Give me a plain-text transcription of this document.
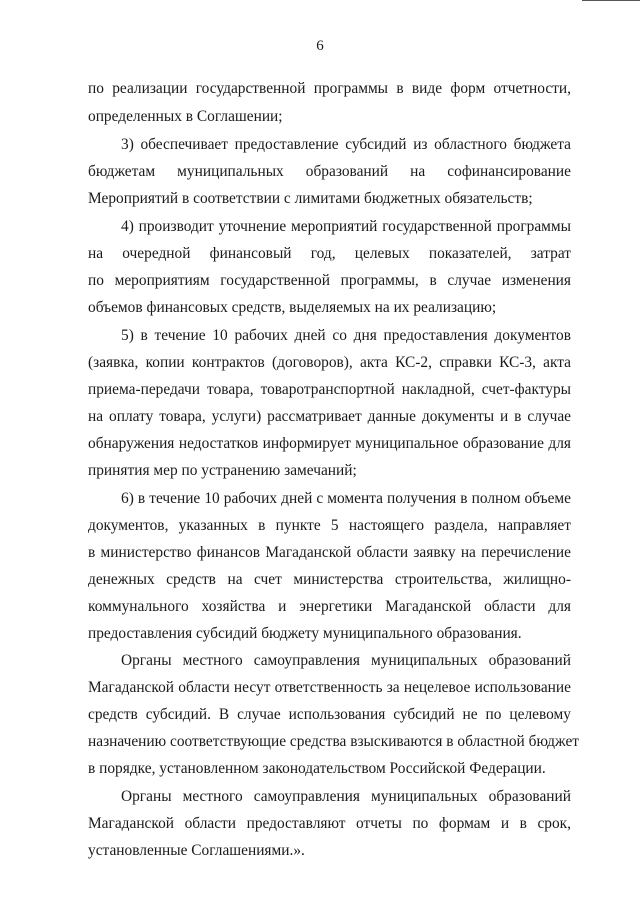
6
по реализации государственной программы в виде форм отчетности,
определенных в Соглашении;
3) обеспечивает предоставление субсидий из областного бюджета
бюджетам муниципальных образований на софинансирование
Мероприятий в соответствии с лимитами бюджетных обязательств;
4) производит уточнение мероприятий государственной программы
на очередной финансовый год, целевых показателей, затрат
по мероприятиям государственной программы, в случае изменения
объемов финансовых средств, выделяемых на их реализацию;
5) в течение 10 рабочих дней со дня предоставления документов
(заявка, копии контрактов (договоров), акта КС-2, справки КС-3, акта
приема-передачи товара, товаротранспортной накладной, счет-фактуры
на оплату товара, услуги) рассматривает данные документы и в случае
обнаружения недостатков информирует муниципальное образование для
принятия мер по устранению замечаний;
6) в течение 10 рабочих дней с момента получения в полном объеме
документов, указанных в пункте 5 настоящего раздела, направляет
в министерство финансов Магаданской области заявку на перечисление
денежных средств на счет министерства строительства, жилищно-
коммунального хозяйства и энергетики Магаданской области для
предоставления субсидий бюджету муниципального образования.
Органы местного самоуправления муниципальных образований
Магаданской области несут ответственность за нецелевое использование
средств субсидий. В случае использования субсидий не по целевому
назначению соответствующие средства взыскиваются в областной бюджет
в порядке, установленном законодательством Российской Федерации.
Органы местного самоуправления муниципальных образований
Магаданской области предоставляют отчеты по формам и в срок,
установленные Соглашениями.».
